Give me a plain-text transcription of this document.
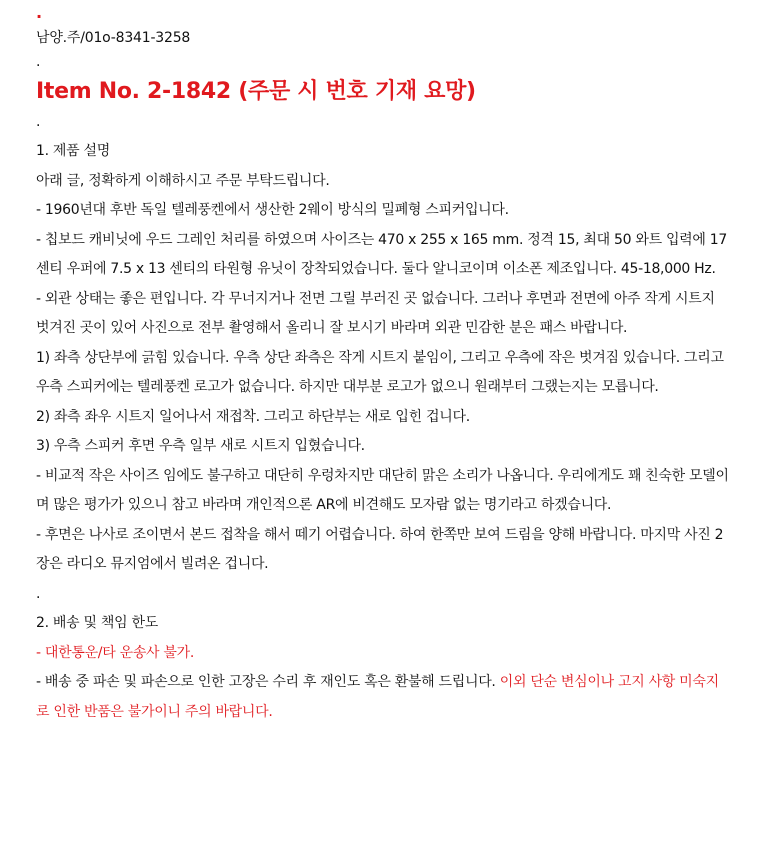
.
남양.주/01o-8341-3258
.
Item No. 2-1842 (주문 시 번호 기재 요망)
.

1. 제품 설명

아래 글, 정확하게 이해하시고 주문 부탁드립니다.

- 1960년대 후반 독일 텔레풍켄에서 생산한 2웨이 방식의 밀폐형 스피커입니다.

- 칩보드 캐비닛에 우드 그레인 처리를 하였으며 사이즈는 470 x 255 x 165 mm. 정격 15, 최대 50 와트 입력에 17 센티 우퍼에 7.5 x 13 센티의 타원형 유닛이 장착되었습니다. 둘다 알니코이며 이소폰 제조입니다. 45-18,000 Hz.

- 외관 상태는 좋은 편입니다. 각 무너지거나 전면 그릴 부러진 곳 없습니다. 그러나 후면과 전면에 아주 작게 시트지 벗겨진 곳이 있어 사진으로 전부 촬영해서 올리니 잘 보시기 바라며 외관 민감한 분은 패스 바랍니다.

1) 좌측 상단부에 긁힘 있습니다. 우측 상단 좌측은 작게 시트지 붙임이, 그리고 우측에 작은 벗겨짐 있습니다. 그리고 우측 스피커에는 텔레풍켄 로고가 없습니다. 하지만 대부분 로고가 없으니 원래부터 그랬는지는 모릅니다.

2) 좌측 좌우 시트지 일어나서 재접착. 그리고 하단부는 새로 입힌 겁니다.

3) 우측 스피커 후면 우측 일부 새로 시트지 입혔습니다.

- 비교적 작은 사이즈 임에도 불구하고 대단히 우렁차지만 대단히 맑은 소리가 나옵니다. 우리에게도 꽤 친숙한 모델이며 많은 평가가 있으니 참고 바라며 개인적으론 AR에 비견해도 모자람 없는 명기라고 하겠습니다.

- 후면은 나사로 조이면서 본드 접착을 해서 떼기 어렵습니다. 하여 한쪽만 보여 드림을 양해 바랍니다. 마지막 사진 2장은 라디오 뮤지엄에서 빌려온 겁니다.

.

2. 배송 및 책임 한도

- 대한통운/타 운송사 불가.

- 배송 중 파손 및 파손으로 인한 고장은 수리 후 재인도 혹은 환불해 드립니다. 이외 단순 변심이나 고지 사항 미숙지로 인한 반품은 불가이니 주의 바랍니다.
